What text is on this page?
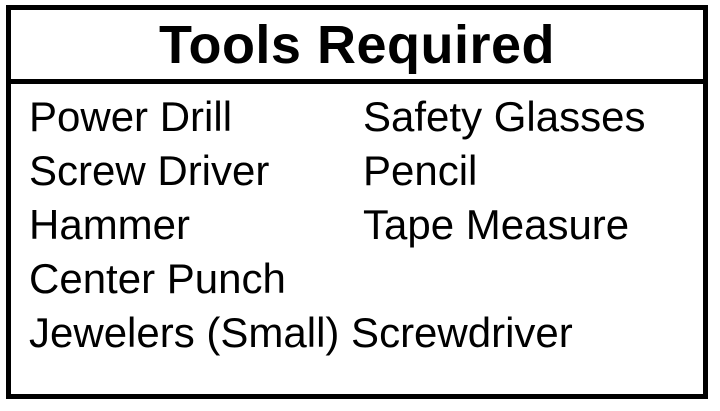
Tools Required
Power Drill	Safety Glasses
Screw Driver	Pencil
Hammer	Tape Measure
Center Punch
Jewelers (Small) Screwdriver
